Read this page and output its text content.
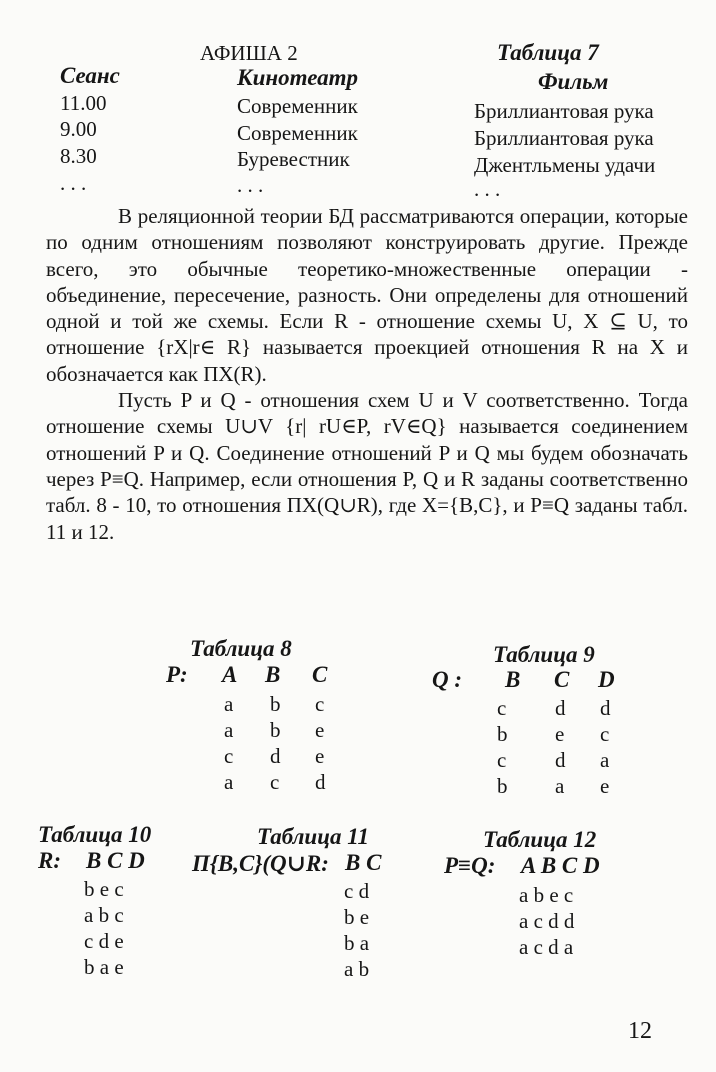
АФИША 2	Таблица 7
Сеанс	Кинотеатр	Фильм
11.00	Современник	Бриллиантовая рука
9.00	Современник	Бриллиантовая рука
8.30	Буревестник	Джентльмены удачи
. . .	. . .	. . .

В реляционной теории БД рассматриваются операции, которые по одним отношениям позволяют конструировать другие. Прежде всего, это обычные теоретико-множественные операции - объединение, пересечение, разность. Они определены для отношений одной и той же схемы. Если R - отношение схемы U, X ⊆ U, то отношение {rX|r∈ R} называется проекцией отношения R на X и обозначается как ПX(R).

Пусть P и Q - отношения схем U и V соответственно. Тогда отношение схемы U∪V {r| rU∈P, rV∈Q} называется соединением отношений P и Q. Соединение отношений P и Q мы будем обозначать через P≡Q. Например, если отношения P, Q и R заданы соответственно табл. 8 - 10, то отношения ПX(Q∪R), где X={B,C}, и P≡Q заданы табл. 11 и 12.

Таблица 8
P: A B C
a b c
a b e
c d e
a c d
Таблица 9
Q : B C D
c d d
b e c
c d a
b a e
Таблица 10
R: B C D
b e c
a b c
c d e
b a e
Таблица 11
П{B,C}(Q∪R: B C
c d
b e
b a
a b
Таблица 12
P≡Q: A B C D
a b e c
a c d d
a c d a
12
